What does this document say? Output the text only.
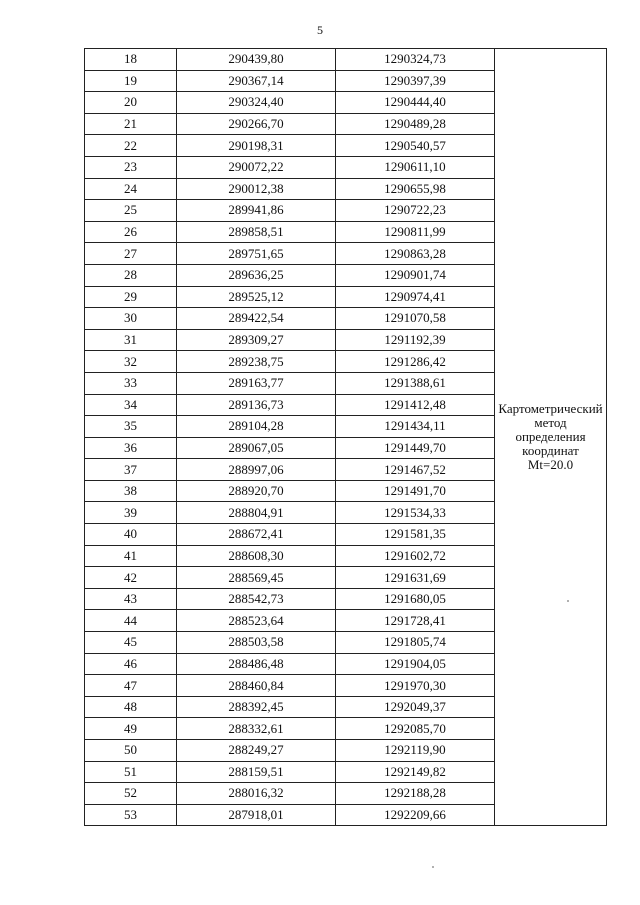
5
18	290439,80	1290324,73	Картометрический метод определения координат Mt=20.0
19	290367,14	1290397,39	
20	290324,40	1290444,40	
21	290266,70	1290489,28	
22	290198,31	1290540,57	
23	290072,22	1290611,10	
24	290012,38	1290655,98	
25	289941,86	1290722,23	
26	289858,51	1290811,99	
27	289751,65	1290863,28	
28	289636,25	1290901,74	
29	289525,12	1290974,41	
30	289422,54	1291070,58	
31	289309,27	1291192,39	
32	289238,75	1291286,42	
33	289163,77	1291388,61	
34	289136,73	1291412,48	
35	289104,28	1291434,11	
36	289067,05	1291449,70	
37	288997,06	1291467,52	
38	288920,70	1291491,70	
39	288804,91	1291534,33	
40	288672,41	1291581,35	
41	288608,30	1291602,72	
42	288569,45	1291631,69	
43	288542,73	1291680,05	
44	288523,64	1291728,41	
45	288503,58	1291805,74	
46	288486,48	1291904,05	
47	288460,84	1291970,30	
48	288392,45	1292049,37	
49	288332,61	1292085,70	
50	288249,27	1292119,90	
51	288159,51	1292149,82	
52	288016,32	1292188,28	
53	287918,01	1292209,66	
